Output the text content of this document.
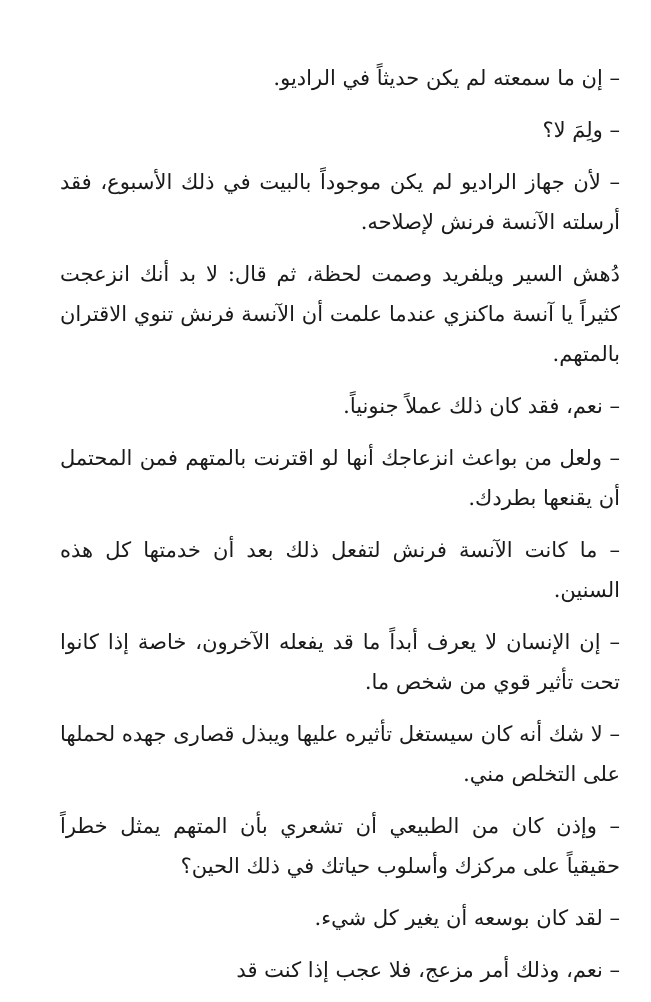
– إن ما سمعته لم يكن حديثاً في الراديو.

– ولِمَ لا؟

– لأن جهاز الراديو لم يكن موجوداً بالبيت في ذلك الأسبوع، فقد أرسلته الآنسة فرنش لإصلاحه.

دُهش السير ويلفريد وصمت لحظة، ثم قال: لا بد أنك انزعجت كثيراً يا آنسة ماكنزي عندما علمت أن الآنسة فرنش تنوي الاقتران بالمتهم.

– نعم، فقد كان ذلك عملاً جنونياً.

– ولعل من بواعث انزعاجك أنها لو اقترنت بالمتهم فمن المحتمل أن يقنعها بطردك.

– ما كانت الآنسة فرنش لتفعل ذلك بعد أن خدمتها كل هذه السنين.

– إن الإنسان لا يعرف أبداً ما قد يفعله الآخرون، خاصة إذا كانوا تحت تأثير قوي من شخص ما.

– لا شك أنه كان سيستغل تأثيره عليها ويبذل قصارى جهده لحملها على التخلص مني.

– وإذن كان من الطبيعي أن تشعري بأن المتهم يمثل خطراً حقيقياً على مركزك وأسلوب حياتك في ذلك الحين؟

– لقد كان بوسعه أن يغير كل شيء.

– نعم، وذلك أمر مزعج، فلا عجب إذا كنت قد
